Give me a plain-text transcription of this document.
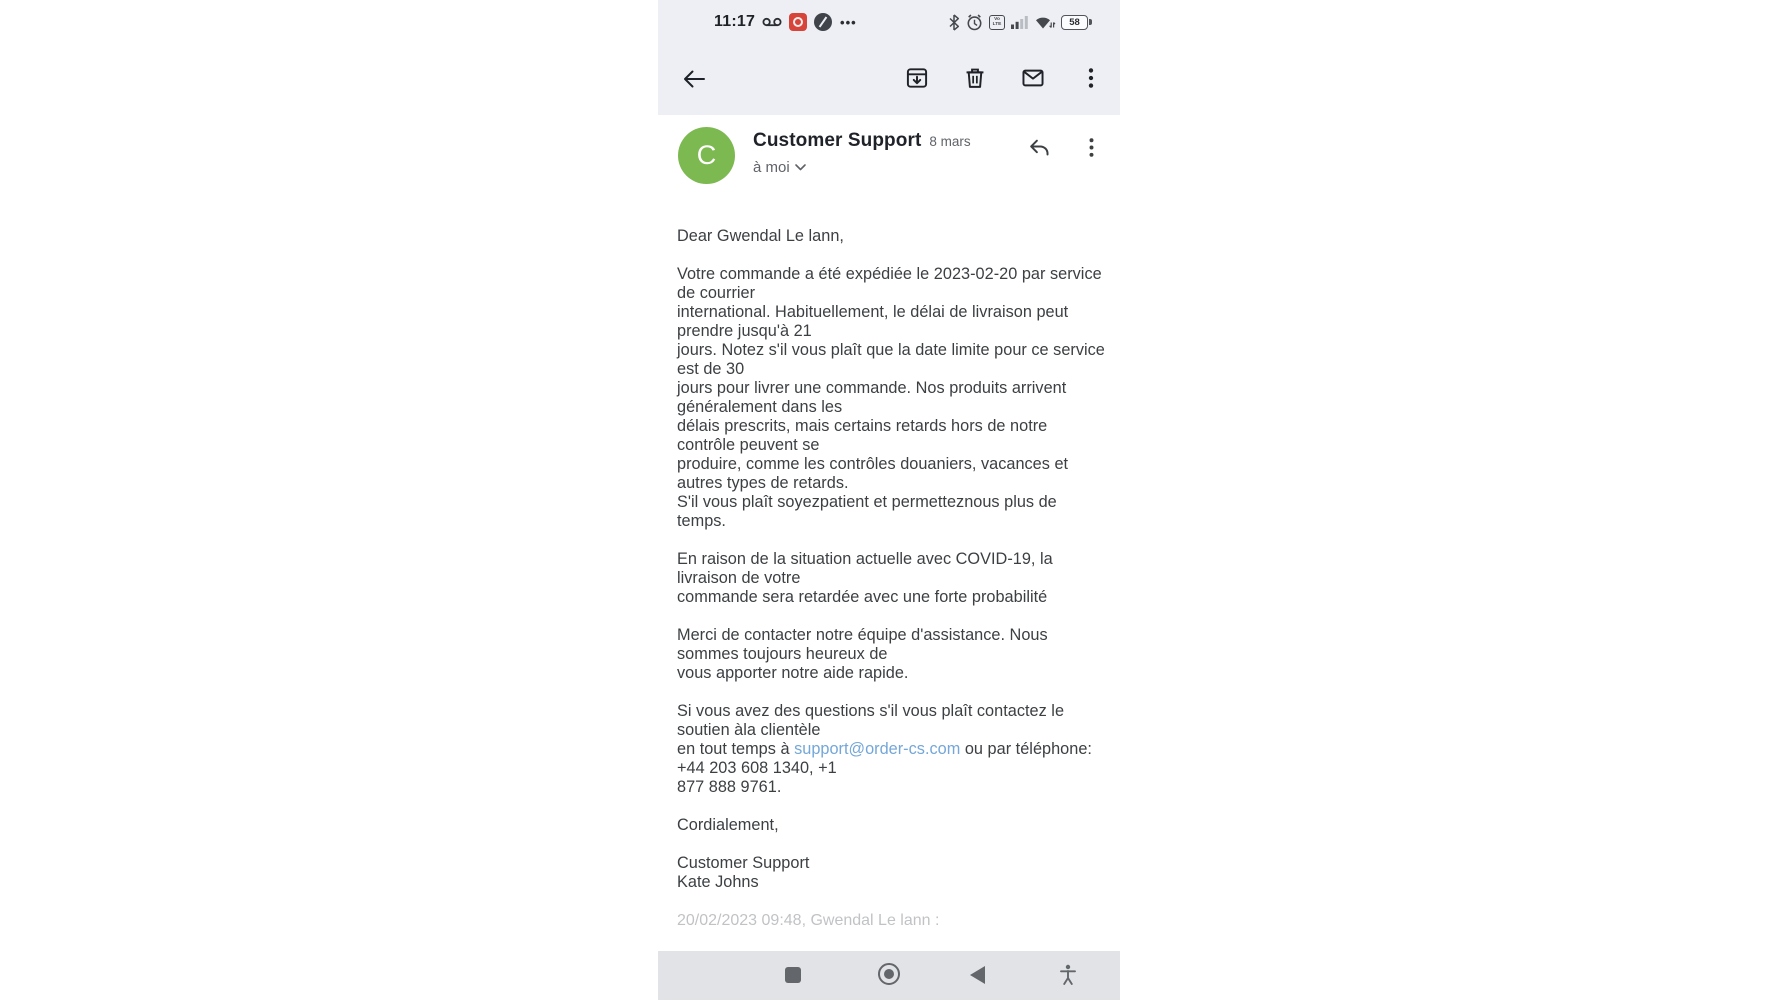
11:17	•••	Vo
LTE	58
C	Customer Support 8 mars
à moi
Dear Gwendal Le lann,
Votre commande a été expédiée le 2023-02-20 par service
de courrier
international. Habituellement, le délai de livraison peut
prendre jusqu'à 21
jours. Notez s'il vous plaît que la date limite pour ce service
est de 30
jours pour livrer une commande. Nos produits arrivent
généralement dans les
délais prescrits, mais certains retards hors de notre
contrôle peuvent se
produire, comme les contrôles douaniers, vacances et
autres types de retards.
S'il vous plaît soyezpatient et permetteznous plus de
temps.
En raison de la situation actuelle avec COVID-19, la
livraison de votre
commande sera retardée avec une forte probabilité
Merci de contacter notre équipe d'assistance. Nous
sommes toujours heureux de
vous apporter notre aide rapide.
Si vous avez des questions s'il vous plaît contactez le
soutien àla clientèle
en tout temps à support@order-cs.com ou par téléphone:
+44 203 608 1340, +1
877 888 9761.
Cordialement,
Customer Support
Kate Johns
20/02/2023 09:48, Gwendal Le lann :
